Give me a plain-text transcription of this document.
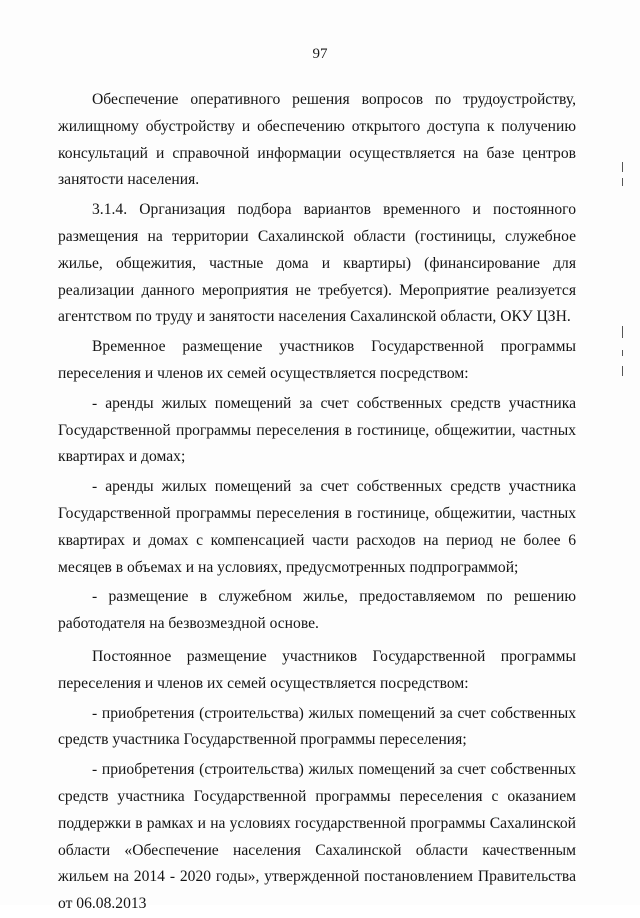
97

Обеспечение оперативного решения вопросов по трудоустройству, жилищному обустройству и обеспечению открытого доступа к получению консультаций и справочной информации осуществляется на базе центров занятости населения.

3.1.4. Организация подбора вариантов временного и постоянного размещения на территории Сахалинской области (гостиницы, служебное жилье, общежития, частные дома и квартиры) (финансирование для реализации данного мероприятия не требуется). Мероприятие реализуется агентством по труду и занятости населения Сахалинской области, ОКУ ЦЗН.

Временное размещение участников Государственной программы переселения и членов их семей осуществляется посредством:

- аренды жилых помещений за счет собственных средств участника Государственной программы переселения в гостинице, общежитии, частных квартирах и домах;

- аренды жилых помещений за счет собственных средств участника Государственной программы переселения в гостинице, общежитии, частных квартирах и домах с компенсацией части расходов на период не более 6 месяцев в объемах и на условиях, предусмотренных подпрограммой;

- размещение в служебном жилье, предоставляемом по решению работодателя на безвозмездной основе.

Постоянное размещение участников Государственной программы переселения и членов их семей осуществляется посредством:

- приобретения (строительства) жилых помещений за счет собственных средств участника Государственной программы переселения;

- приобретения (строительства) жилых помещений за счет собственных средств участника Государственной программы переселения с оказанием поддержки в рамках и на условиях государственной программы Сахалинской области «Обеспечение населения Сахалинской области качественным жильем на 2014 - 2020 годы», утвержденной постановлением Правительства от 06.08.2013
